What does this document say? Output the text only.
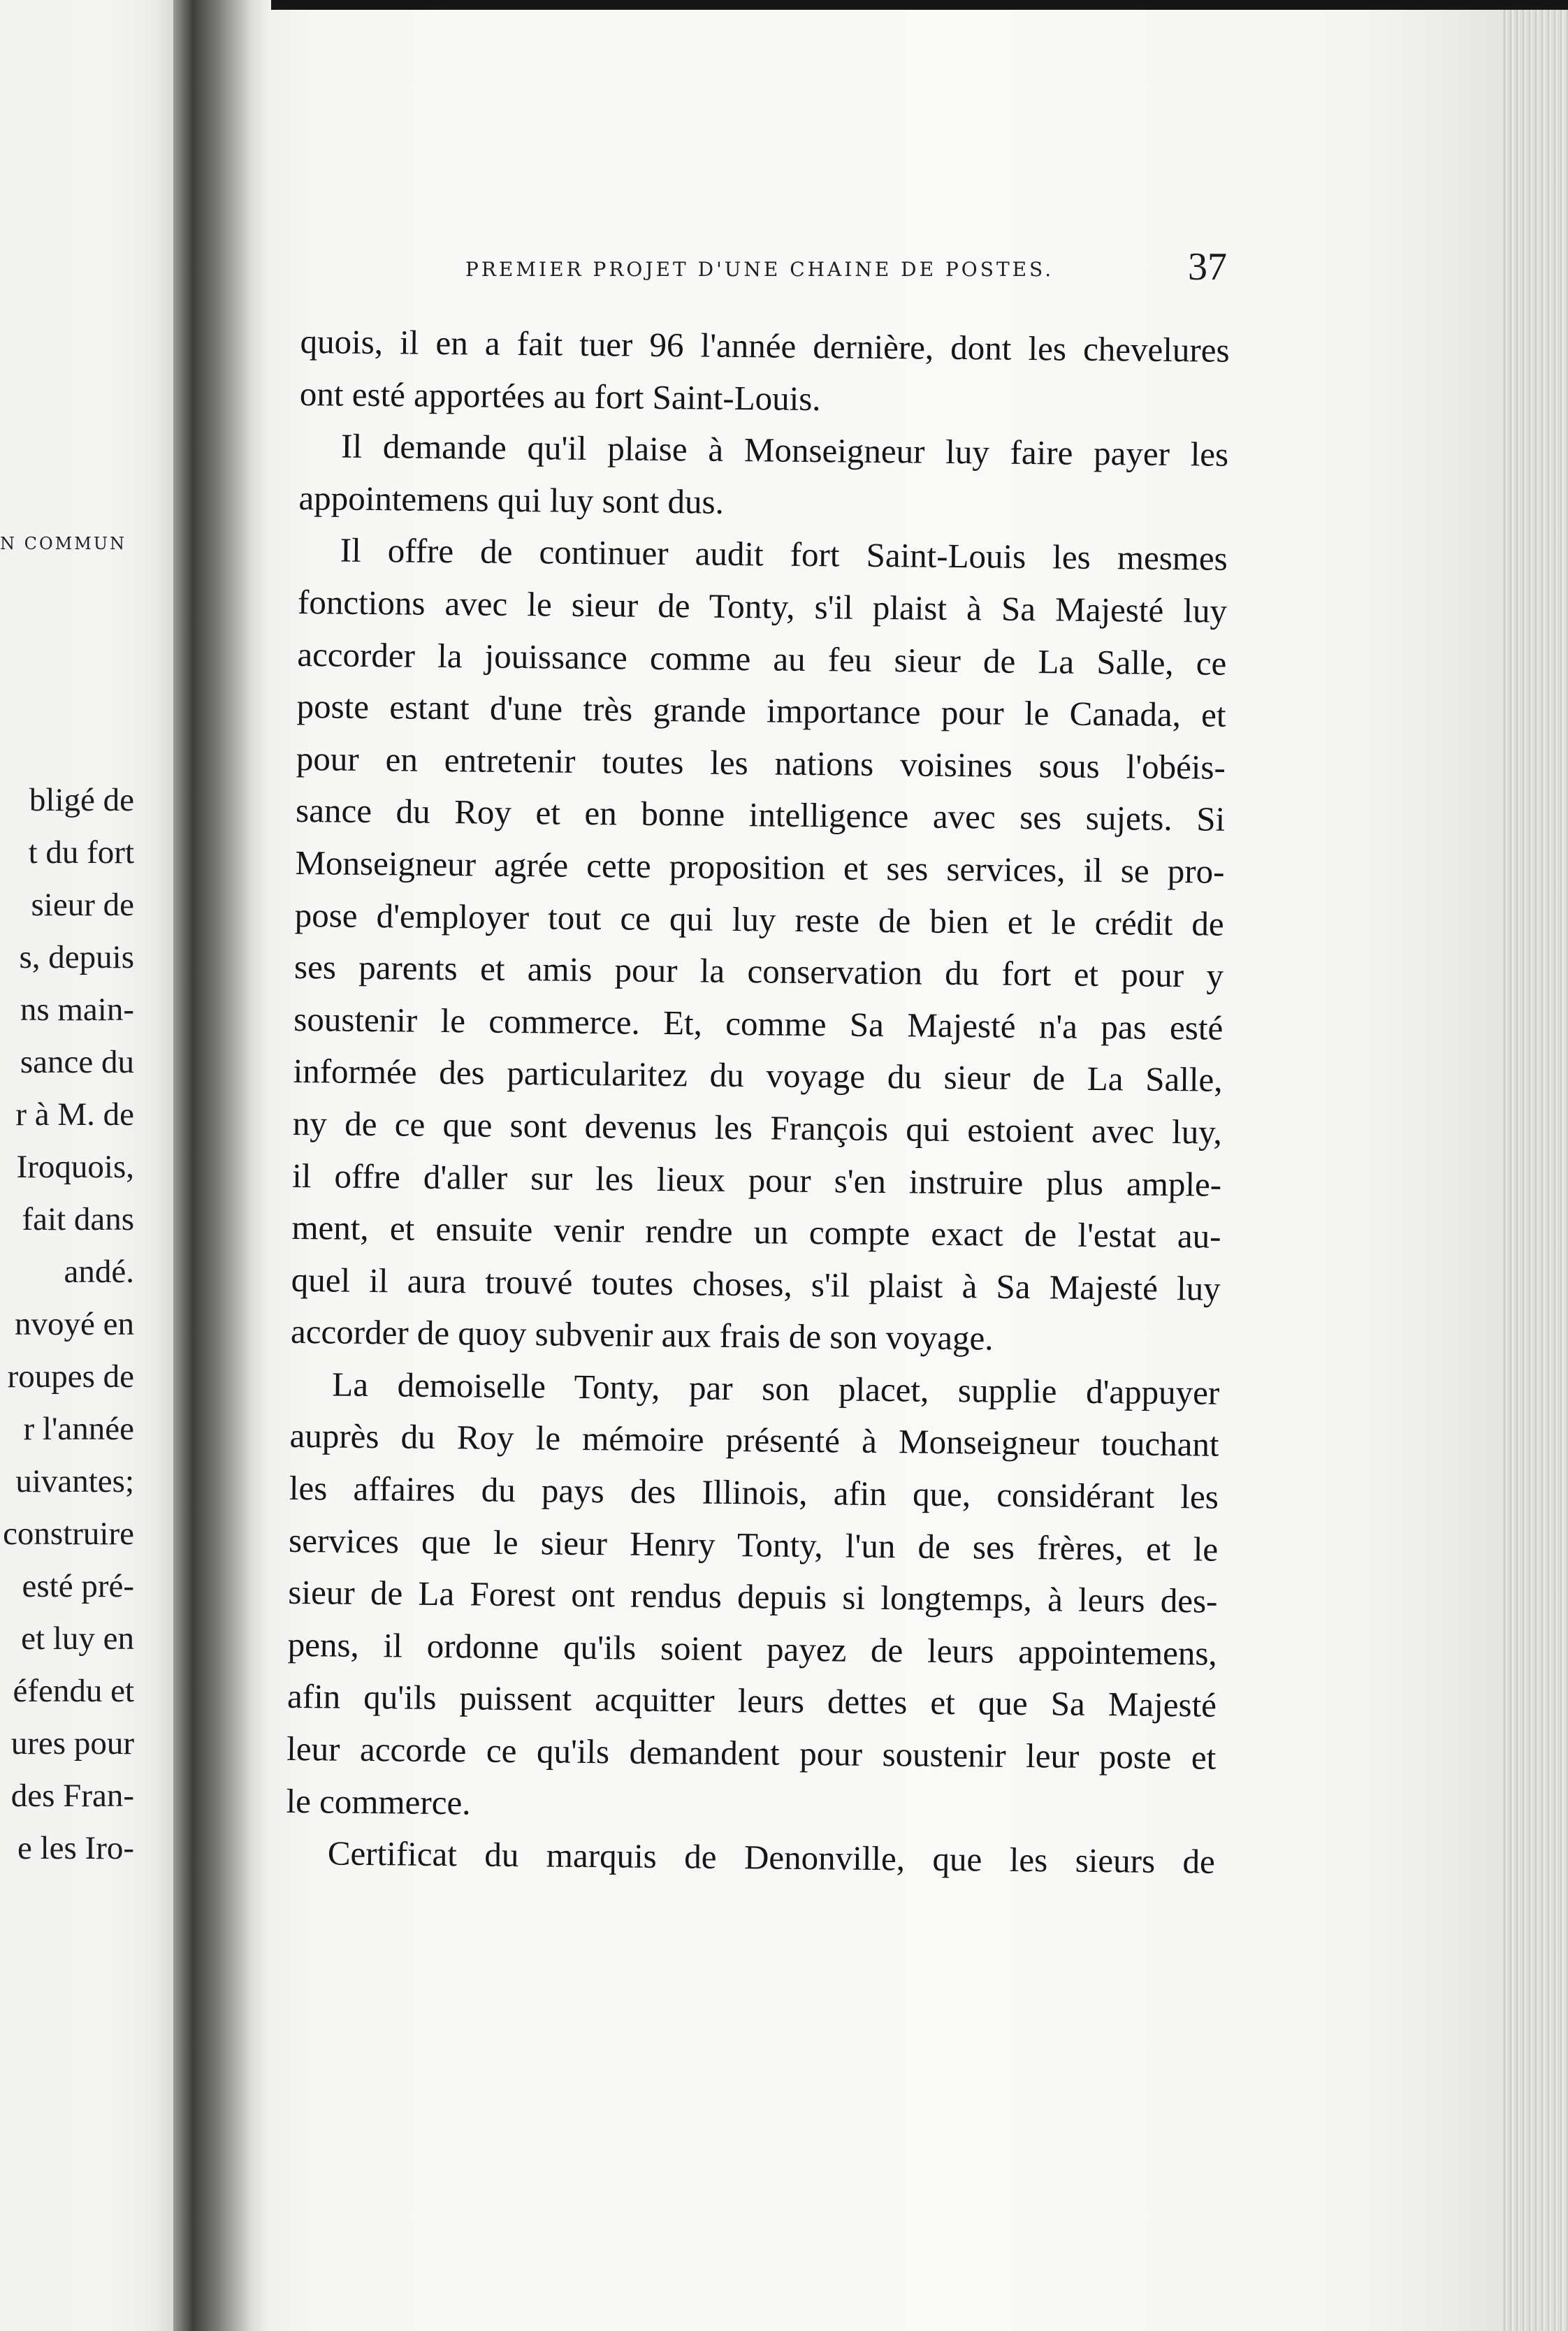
N COMMUN
bligé de
t du fort
sieur de
s, depuis
ns main-
sance du
r à M. de
Iroquois,
fait dans
andé.
nvoyé en
roupes de
r l'année
uivantes;
construire
esté pré-
et luy en
éfendu et
ures pour
des Fran-
e les Iro-
PREMIER PROJET D'UNE CHAINE DE POSTES.	37
quois, il en a fait tuer 96 l'année dernière, dont les chevelures
ont esté apportées au fort Saint-Louis.
Il demande qu'il plaise à Monseigneur luy faire payer les
appointemens qui luy sont dus.
Il offre de continuer audit fort Saint-Louis les mesmes
fonctions avec le sieur de Tonty, s'il plaist à Sa Majesté luy
accorder la jouissance comme au feu sieur de La Salle, ce
poste estant d'une très grande importance pour le Canada, et
pour en entretenir toutes les nations voisines sous l'obéis-
sance du Roy et en bonne intelligence avec ses sujets. Si
Monseigneur agrée cette proposition et ses services, il se pro-
pose d'employer tout ce qui luy reste de bien et le crédit de
ses parents et amis pour la conservation du fort et pour y
soustenir le commerce. Et, comme Sa Majesté n'a pas esté
informée des particularitez du voyage du sieur de La Salle,
ny de ce que sont devenus les François qui estoient avec luy,
il offre d'aller sur les lieux pour s'en instruire plus ample-
ment, et ensuite venir rendre un compte exact de l'estat au-
quel il aura trouvé toutes choses, s'il plaist à Sa Majesté luy
accorder de quoy subvenir aux frais de son voyage.
La demoiselle Tonty, par son placet, supplie d'appuyer
auprès du Roy le mémoire présenté à Monseigneur touchant
les affaires du pays des Illinois, afin que, considérant les
services que le sieur Henry Tonty, l'un de ses frères, et le
sieur de La Forest ont rendus depuis si longtemps, à leurs des-
pens, il ordonne qu'ils soient payez de leurs appointemens,
afin qu'ils puissent acquitter leurs dettes et que Sa Majesté
leur accorde ce qu'ils demandent pour soustenir leur poste et
le commerce.
Certificat du marquis de Denonville, que les sieurs de
